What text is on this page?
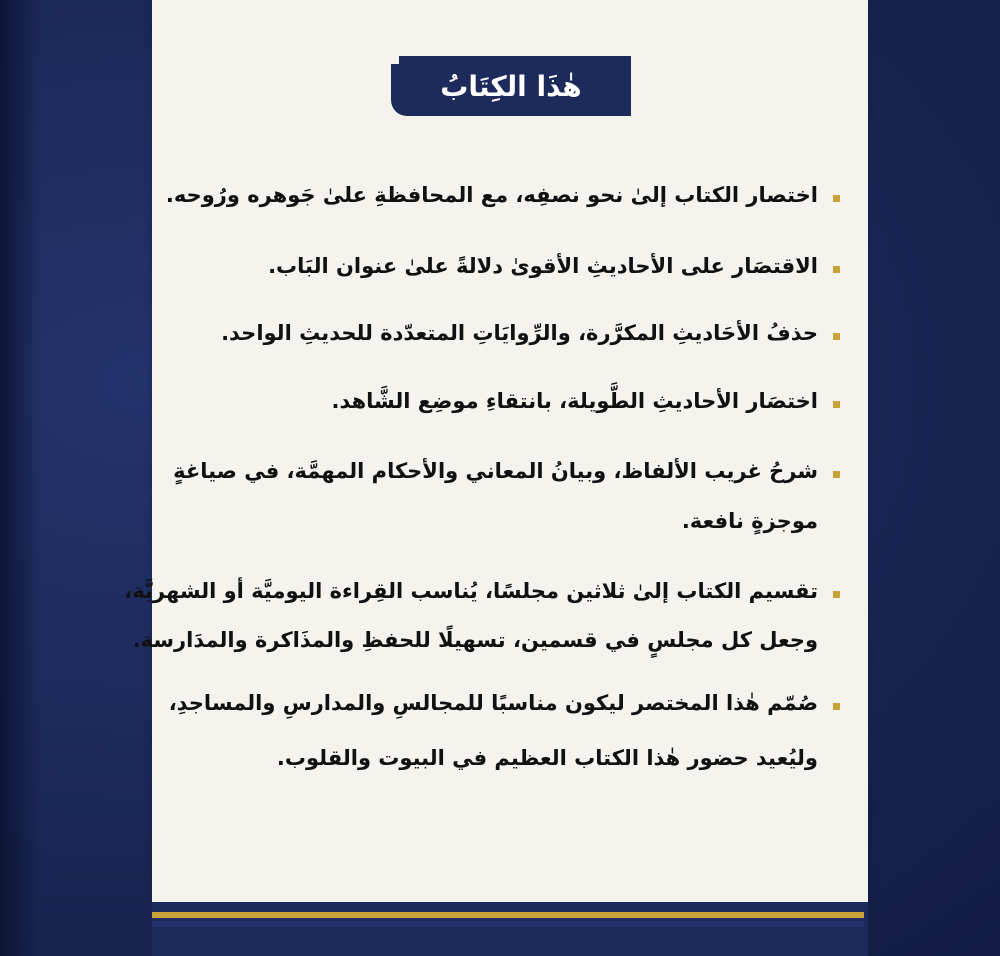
هٰذَا الكِتَابُ
اختصار الكتاب إلىٰ نحو نصفِه، مع المحافظةِ علىٰ جَوهره ورُوحه.
الاقتصَار على الأحاديثِ الأقوىٰ دلالةً علىٰ عنوان البَاب.
حذفُ الأحَاديثِ المكرَّرة، والرِّوايَاتِ المتعدّدة للحديثِ الواحد.
اختصَار الأحاديثِ الطَّويلة، بانتقاءِ موضِع الشَّاهد.
شرحُ غريب الألفاظ، وبيانُ المعاني والأحكام المهمَّة، في صياغةٍ
موجزةٍ نافعة.
تقسيم الكتاب إلىٰ ثلاثين مجلسًا، يُناسب القِراءة اليوميَّة أو الشهريَّة،
وجعل كل مجلسٍ في قسمين، تسهيلًا للحفظِ والمذَاكرة والمدَارسة.
صُمّم هٰذا المختصر ليكون مناسبًا للمجالسِ والمدارسِ والمساجدِ،
وليُعيد حضور هٰذا الكتاب العظيم في البيوت والقلوب.
